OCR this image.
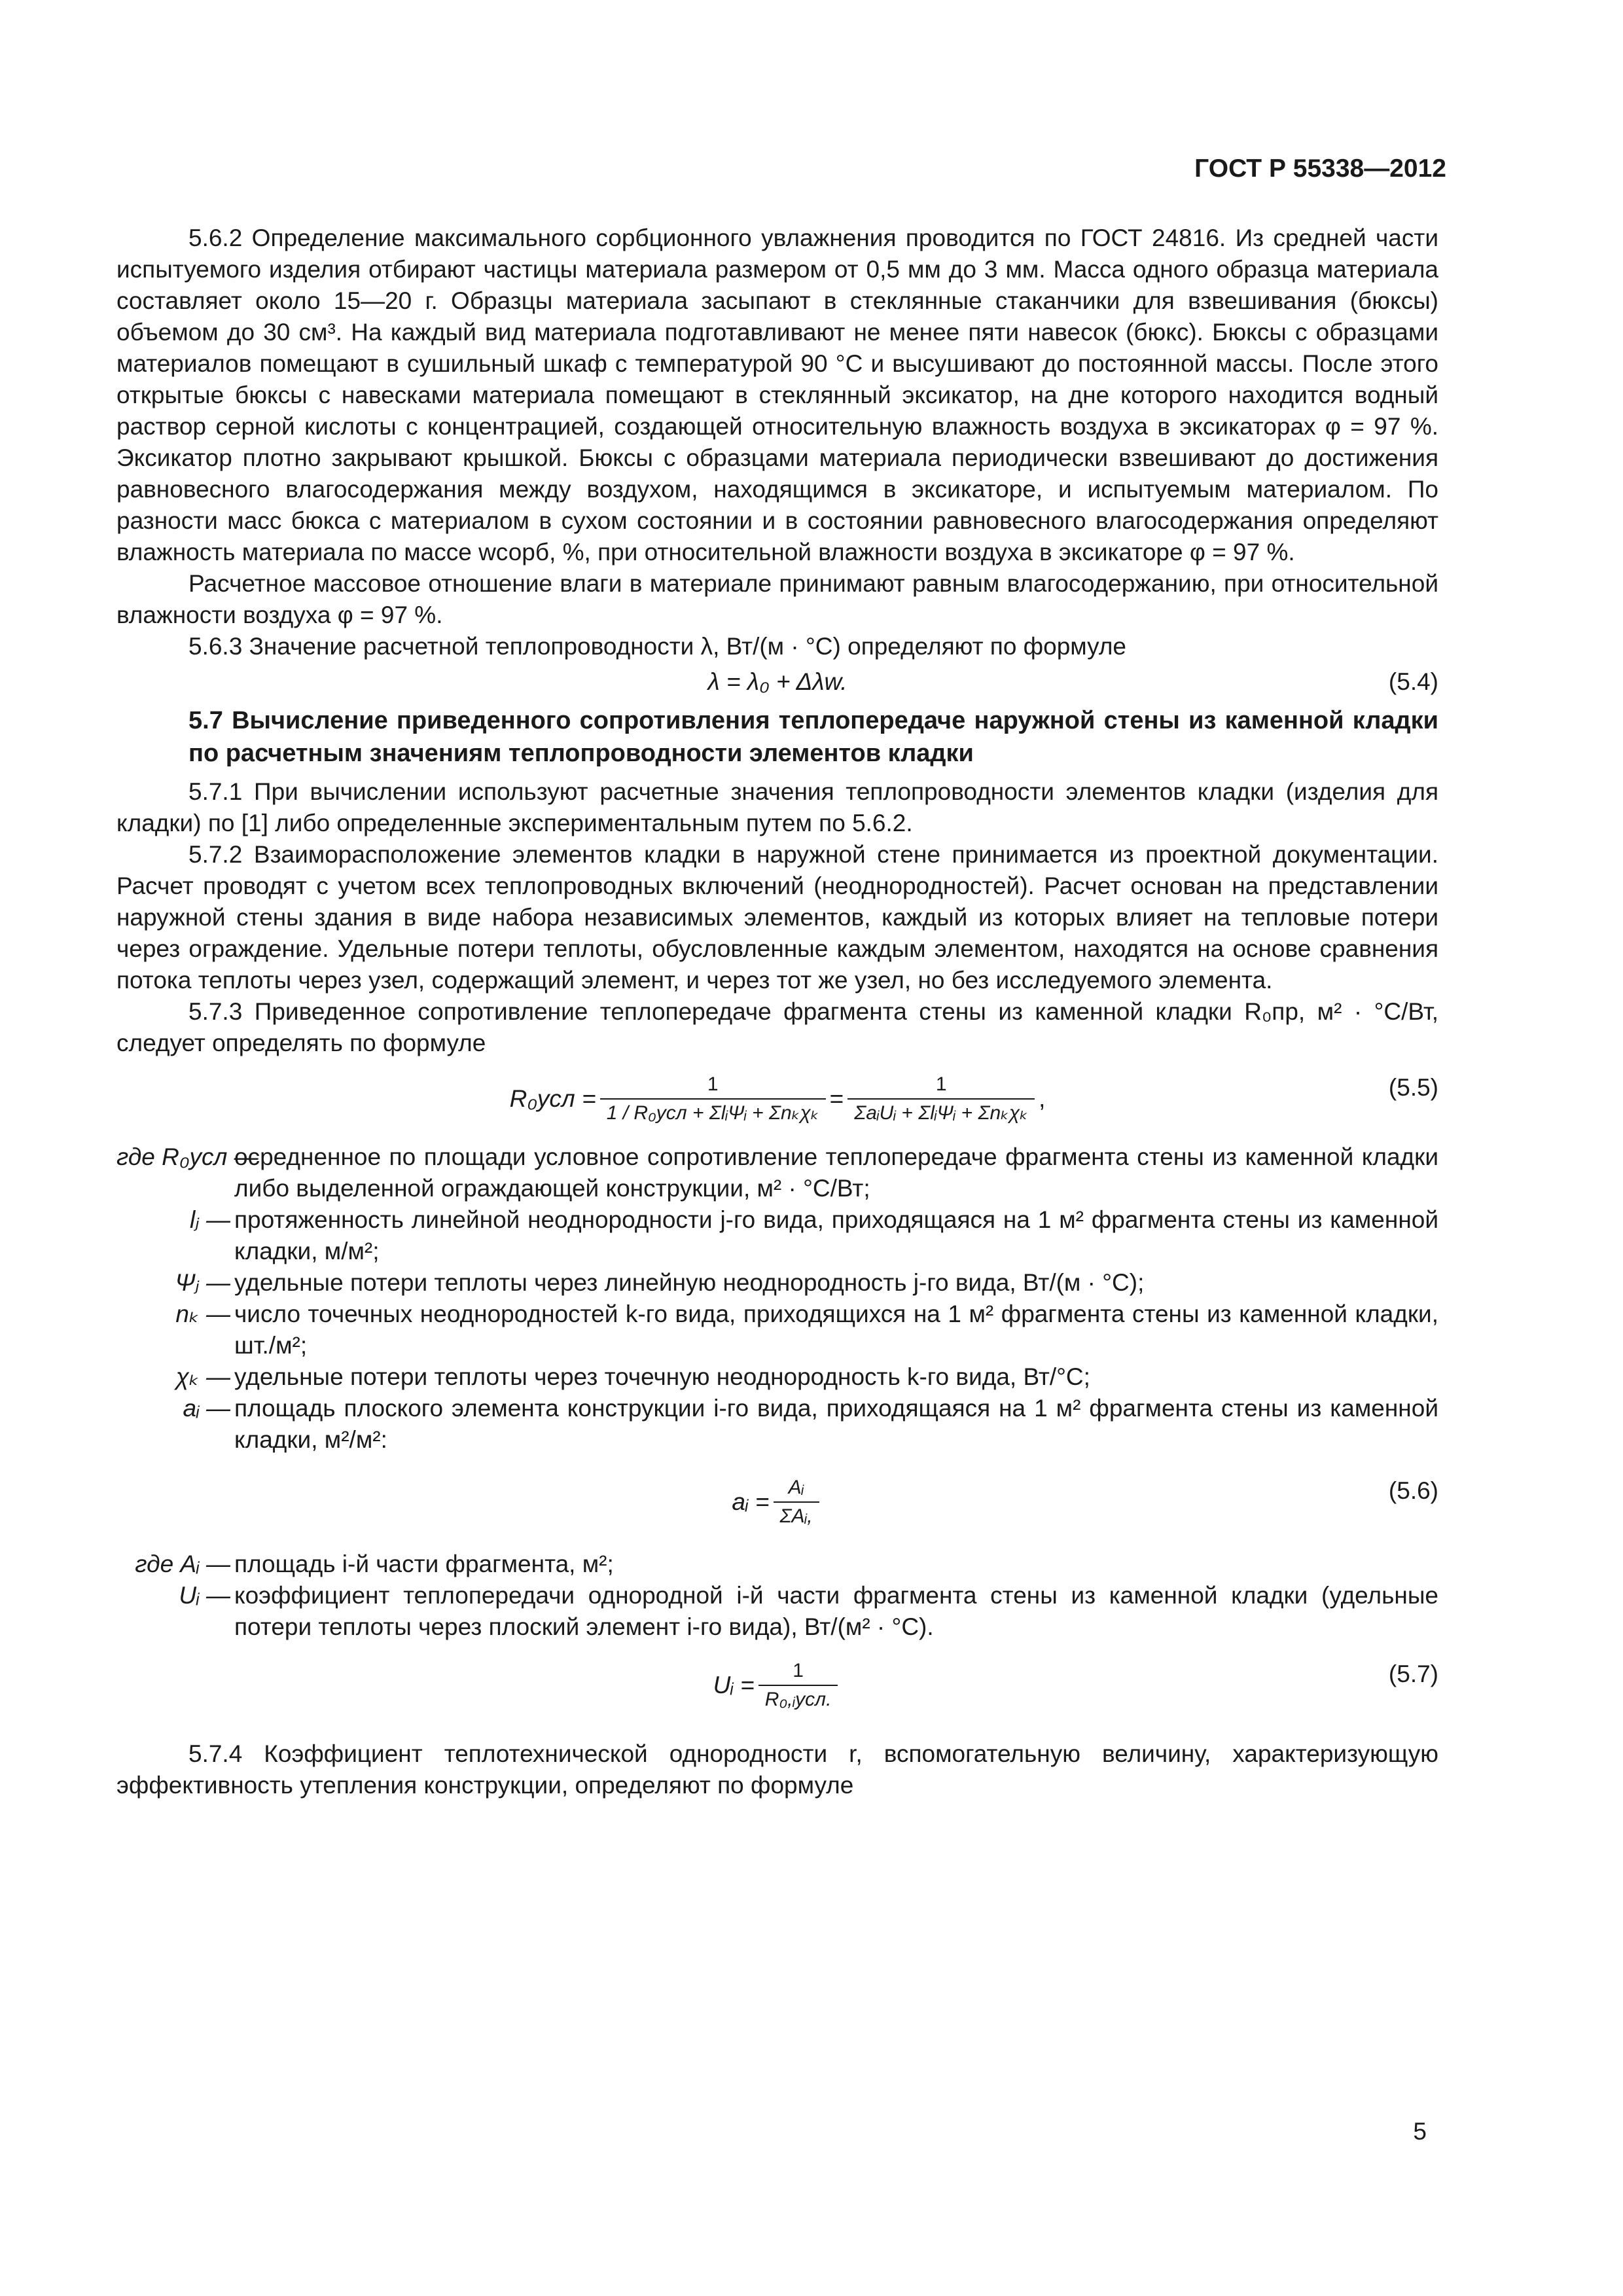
ГОСТ Р 55338—2012

5.6.2 Определение максимального сорбционного увлажнения проводится по ГОСТ 24816. Из средней части испытуемого изделия отбирают частицы материала размером от 0,5 мм до 3 мм. Масса одного образца материала составляет около 15—20 г. Образцы материала засыпают в стеклянные стаканчики для взвешивания (бюксы) объемом до 30 см³. На каждый вид материала подготавливают не менее пяти навесок (бюкс). Бюксы с образцами материалов помещают в сушильный шкаф с температурой 90 °С и высушивают до постоянной массы. После этого открытые бюксы с навесками материала помещают в стеклянный эксикатор, на дне которого находится водный раствор серной кислоты с концентрацией, создающей относительную влажность воздуха в эксикаторах φ = 97 %. Эксикатор плотно закрывают крышкой. Бюксы с образцами материала периодически взвешивают до достижения равновесного влагосодержания между воздухом, находящимся в эксикаторе, и испытуемым материалом. По разности масс бюкса с материалом в сухом состоянии и в состоянии равновесного влагосодержания определяют влажность материала по массе wсорб, %, при относительной влажности воздуха в эксикаторе φ = 97 %.

Расчетное массовое отношение влаги в материале принимают равным влагосодержанию, при относительной влажности воздуха φ = 97 %.

5.6.3 Значение расчетной теплопроводности λ, Вт/(м · °С) определяют по формуле

λ = λ₀ + Δλw.	(5.4)
5.7 Вычисление приведенного сопротивления теплопередаче наружной стены из каменной кладки по расчетным значениям теплопроводности элементов кладки

5.7.1 При вычислении используют расчетные значения теплопроводности элементов кладки (изделия для кладки) по [1] либо определенные экспериментальным путем по 5.6.2.

5.7.2 Взаиморасположение элементов кладки в наружной стене принимается из проектной документации. Расчет проводят с учетом всех теплопроводных включений (неоднородностей). Расчет основан на представлении наружной стены здания в виде набора независимых элементов, каждый из которых влияет на тепловые потери через ограждение. Удельные потери теплоты, обусловленные каждым элементом, находятся на основе сравнения потока теплоты через узел, содержащий элемент, и через тот же узел, но без исследуемого элемента.

5.7.3 Приведенное сопротивление теплопередаче фрагмента стены из каменной кладки R₀пр, м² · °С/Вт, следует определять по формуле

$R_0усл = \frac{1}{\text{1 / R₀усл + ΣlᵢΨᵢ + Σnₖχₖ}} = \frac{1}{\text{ΣaᵢUᵢ + ΣlᵢΨᵢ + Σnₖχₖ}}$ ,	(5.5)
где R₀усл —
осредненное по площади условное сопротивление теплопередаче фрагмента стены из каменной кладки либо выделенной ограждающей конструкции, м² · °С/Вт;
lⱼ — протяженность линейной неоднородности j-го вида, приходящаяся на 1 м² фрагмента стены из каменной кладки, м/м²;
Ψⱼ — удельные потери теплоты через линейную неоднородность j-го вида, Вт/(м · °С);
nₖ — число точечных неоднородностей k-го вида, приходящихся на 1 м² фрагмента стены из каменной кладки, шт./м²;
χₖ — удельные потери теплоты через точечную неоднородность k-го вида, Вт/°С;
aᵢ — площадь плоского элемента конструкции i-го вида, приходящаяся на 1 м² фрагмента стены из каменной кладки, м²/м²:
aᵢ = $\frac{\text{Aᵢ}}{\text{ΣAᵢ,}}$	(5.6)
где Aᵢ — площадь i-й части фрагмента, м²;
Uᵢ — коэффициент теплопередачи однородной i-й части фрагмента стены из каменной кладки (удельные потери теплоты через плоский элемент i-го вида), Вт/(м² · °С).
Uᵢ = $\frac{1}{\text{R₀,ᵢусл.}}$	(5.7)

5.7.4 Коэффициент теплотехнической однородности r, вспомогательную величину, характеризующую эффективность утепления конструкции, определяют по формуле

5
